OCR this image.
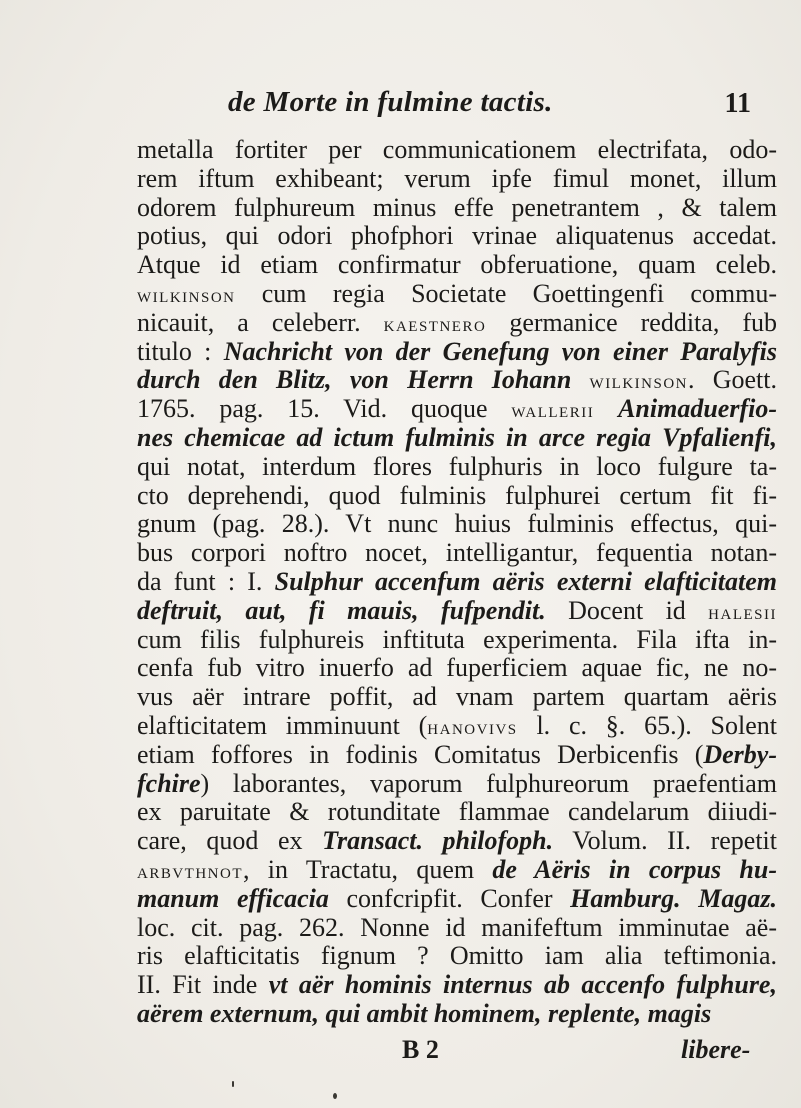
de Morte in fulmine tactis.	11
metalla fortiter per communicationem electrifata, odo-
rem iftum exhibeant; verum ipfe fimul monet, illum
odorem fulphureum minus effe penetrantem , & talem
potius, qui odori phofphori vrinae aliquatenus accedat.
Atque id etiam confirmatur obferuatione, quam celeb.
wilkinson cum regia Societate Goettingenfi commu-
nicauit, a celeberr. kaestnero germanice reddita, fub
titulo : Nachricht von der Genefung von einer Paralyfis
durch den Blitz, von Herrn Iohann wilkinson. Goett.
1765. pag. 15. Vid. quoque wallerii Animaduerfio-
nes chemicae ad ictum fulminis in arce regia Vpfalienfi,
qui notat, interdum flores fulphuris in loco fulgure ta-
cto deprehendi, quod fulminis fulphurei certum fit fi-
gnum (pag. 28.). Vt nunc huius fulminis effectus, qui-
bus corpori noftro nocet, intelligantur, fequentia notan-
da funt : I. Sulphur accenfum aëris externi elafticitatem
deftruit, aut, fi mauis, fufpendit. Docent id halesii
cum filis fulphureis inftituta experimenta. Fila ifta in-
cenfa fub vitro inuerfo ad fuperficiem aquae fic, ne no-
vus aër intrare poffit, ad vnam partem quartam aëris
elafticitatem imminuunt (hanovivs l. c. §. 65.). Solent
etiam foffores in fodinis Comitatus Derbicenfis (Derby-
fchire) laborantes, vaporum fulphureorum praefentiam
ex paruitate & rotunditate flammae candelarum diiudi-
care, quod ex Transact. philofoph. Volum. II. repetit
arbvthnot, in Tractatu, quem de Aëris in corpus hu-
manum efficacia confcripfit. Confer Hamburg. Magaz.
loc. cit. pag. 262. Nonne id manifeftum imminutae aë-
ris elafticitatis fignum ? Omitto iam alia teftimonia.
II. Fit inde vt aër hominis internus ab accenfo fulphure,
aërem externum, qui ambit hominem, replente, magis
B 2	libere-
